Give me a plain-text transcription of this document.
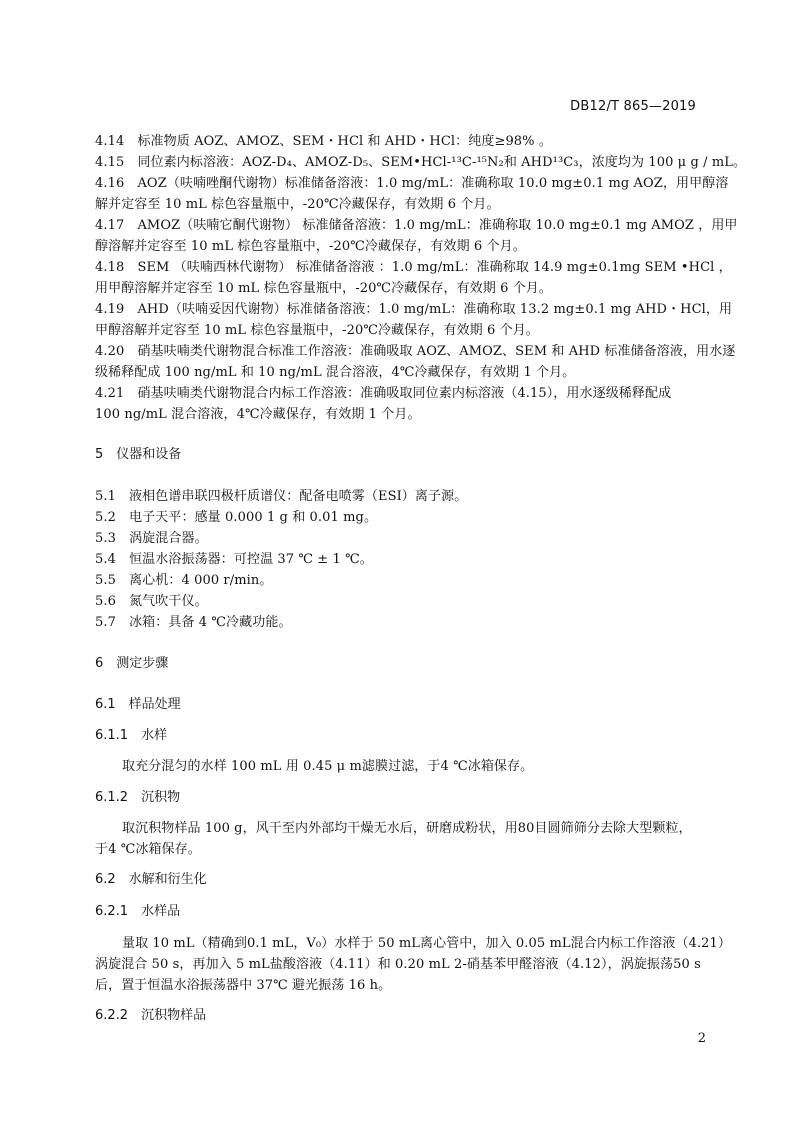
DB12/T 865—2019
4.14　标准物质 AOZ、AMOZ、SEM・HCl 和 AHD・HCl：纯度≥98% 。
4.15　同位素内标溶液：AOZ-D₄、AMOZ-D₅、SEM•HCl-¹³C-¹⁵N₂和 AHD¹³C₃，浓度均为 100 μ g / mL。
4.16　AOZ（呋喃唑酮代谢物）标准储备溶液：1.0 mg/mL：准确称取 10.0 mg±0.1 mg AOZ，用甲醇溶
解并定容至 10 mL 棕色容量瓶中，-20℃冷藏保存，有效期 6 个月。
4.17　AMOZ（呋喃它酮代谢物） 标准储备溶液：1.0 mg/mL：准确称取 10.0 mg±0.1 mg AMOZ ，用甲
醇溶解并定容至 10 mL 棕色容量瓶中，-20℃冷藏保存，有效期 6 个月。
4.18　SEM （呋喃西林代谢物） 标准储备溶液 ：1.0 mg/mL：准确称取 14.9 mg±0.1mg SEM •HCl ，
用甲醇溶解并定容至 10 mL 棕色容量瓶中，-20℃冷藏保存，有效期 6 个月。
4.19　AHD（呋喃妥因代谢物）标准储备溶液：1.0 mg/mL：准确称取 13.2 mg±0.1 mg AHD・HCl，用
甲醇溶解并定容至 10 mL 棕色容量瓶中，-20℃冷藏保存，有效期 6 个月。
4.20　硝基呋喃类代谢物混合标准工作溶液：准确吸取 AOZ、AMOZ、SEM 和 AHD 标准储备溶液，用水逐
级稀释配成 100 ng/mL 和 10 ng/mL 混合溶液，4℃冷藏保存，有效期 1 个月。
4.21　硝基呋喃类代谢物混合内标工作溶液：准确吸取同位素内标溶液（4.15），用水逐级稀释配成
100 ng/mL 混合溶液，4℃冷藏保存，有效期 1 个月。
5　仪器和设备
5.1　液相色谱串联四极杆质谱仪：配备电喷雾（ESI）离子源。
5.2　电子天平：感量 0.000 1 g 和 0.01 mg。
5.3　涡旋混合器。
5.4　恒温水浴振荡器：可控温 37 ℃ ± 1 ℃。
5.5　离心机：4 000 r/min。
5.6　氮气吹干仪。
5.7　冰箱：具备 4 ℃冷藏功能。
6　测定步骤
6.1　样品处理
6.1.1　水样
取充分混匀的水样 100 mL 用 0.45 μ m滤膜过滤，于4 ℃冰箱保存。
6.1.2　沉积物
取沉积物样品 100 g，风干至内外部均干燥无水后，研磨成粉状，用80目圆筛筛分去除大型颗粒，
于4 ℃冰箱保存。
6.2　水解和衍生化
6.2.1　水样品
量取 10 mL（精确到0.1 mL，V₀）水样于 50 mL离心管中，加入 0.05 mL混合内标工作溶液（4.21）
涡旋混合 50 s，再加入 5 mL盐酸溶液（4.11）和 0.20 mL 2-硝基苯甲醛溶液（4.12），涡旋振荡50 s
后，置于恒温水浴振荡器中 37℃ 避光振荡 16 h。
6.2.2　沉积物样品
2
